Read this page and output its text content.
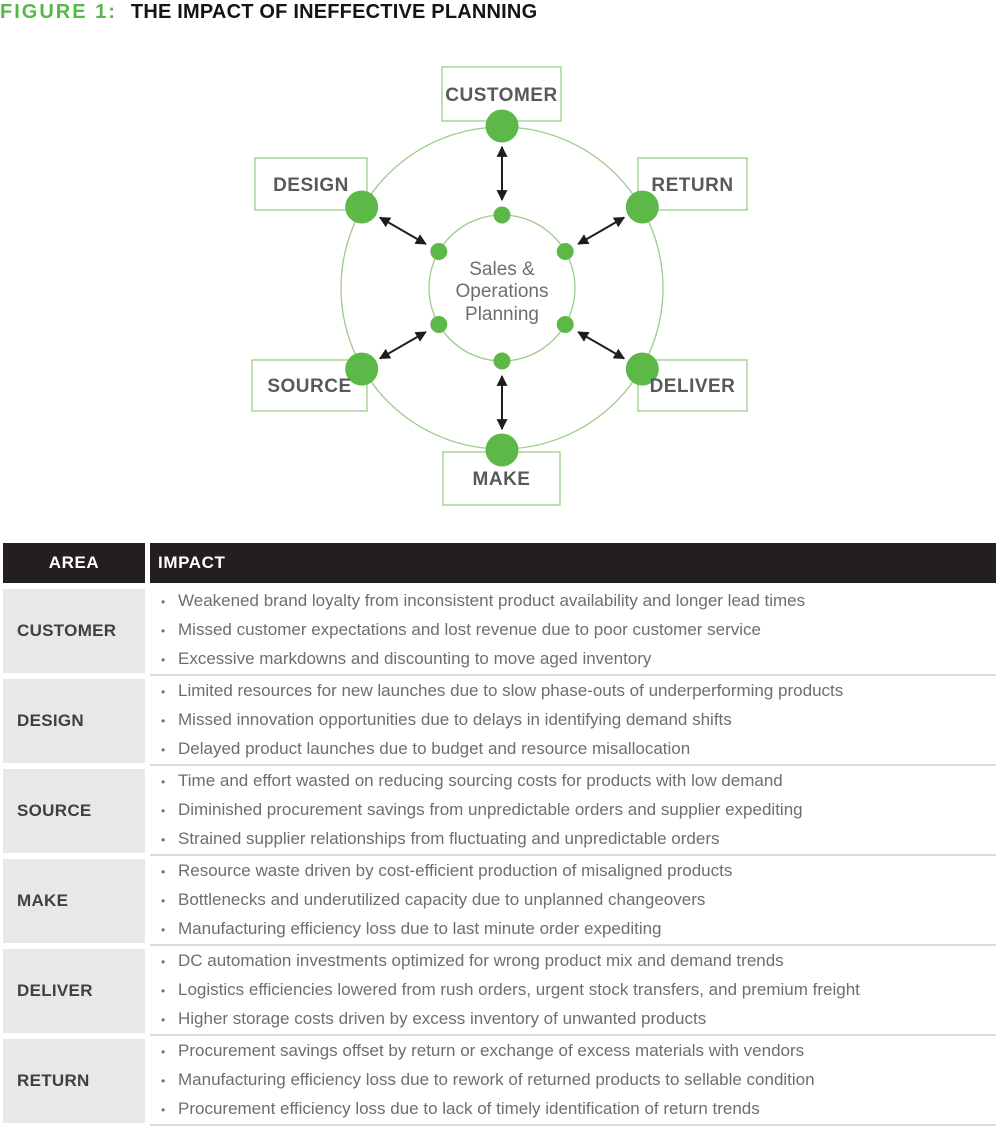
FIGURE 1: THE IMPACT OF INEFFECTIVE PLANNING
CUSTOMER
DESIGN	RETURN
SOURCE	DELIVER
MAKE
Sales &
Operations
Planning
AREA	IMPACT
CUSTOMER
• Weakened brand loyalty from inconsistent product availability and longer lead times
• Missed customer expectations and lost revenue due to poor customer service
• Excessive markdowns and discounting to move aged inventory
DESIGN
• Limited resources for new launches due to slow phase-outs of underperforming products
• Missed innovation opportunities due to delays in identifying demand shifts
• Delayed product launches due to budget and resource misallocation
SOURCE
• Time and effort wasted on reducing sourcing costs for products with low demand
• Diminished procurement savings from unpredictable orders and supplier expediting
• Strained supplier relationships from fluctuating and unpredictable orders
MAKE
• Resource waste driven by cost-efficient production of misaligned products
• Bottlenecks and underutilized capacity due to unplanned changeovers
• Manufacturing efficiency loss due to last minute order expediting
DELIVER
• DC automation investments optimized for wrong product mix and demand trends
• Logistics efficiencies lowered from rush orders, urgent stock transfers, and premium freight
• Higher storage costs driven by excess inventory of unwanted products
RETURN
• Procurement savings offset by return or exchange of excess materials with vendors
• Manufacturing efficiency loss due to rework of returned products to sellable condition
• Procurement efficiency loss due to lack of timely identification of return trends
